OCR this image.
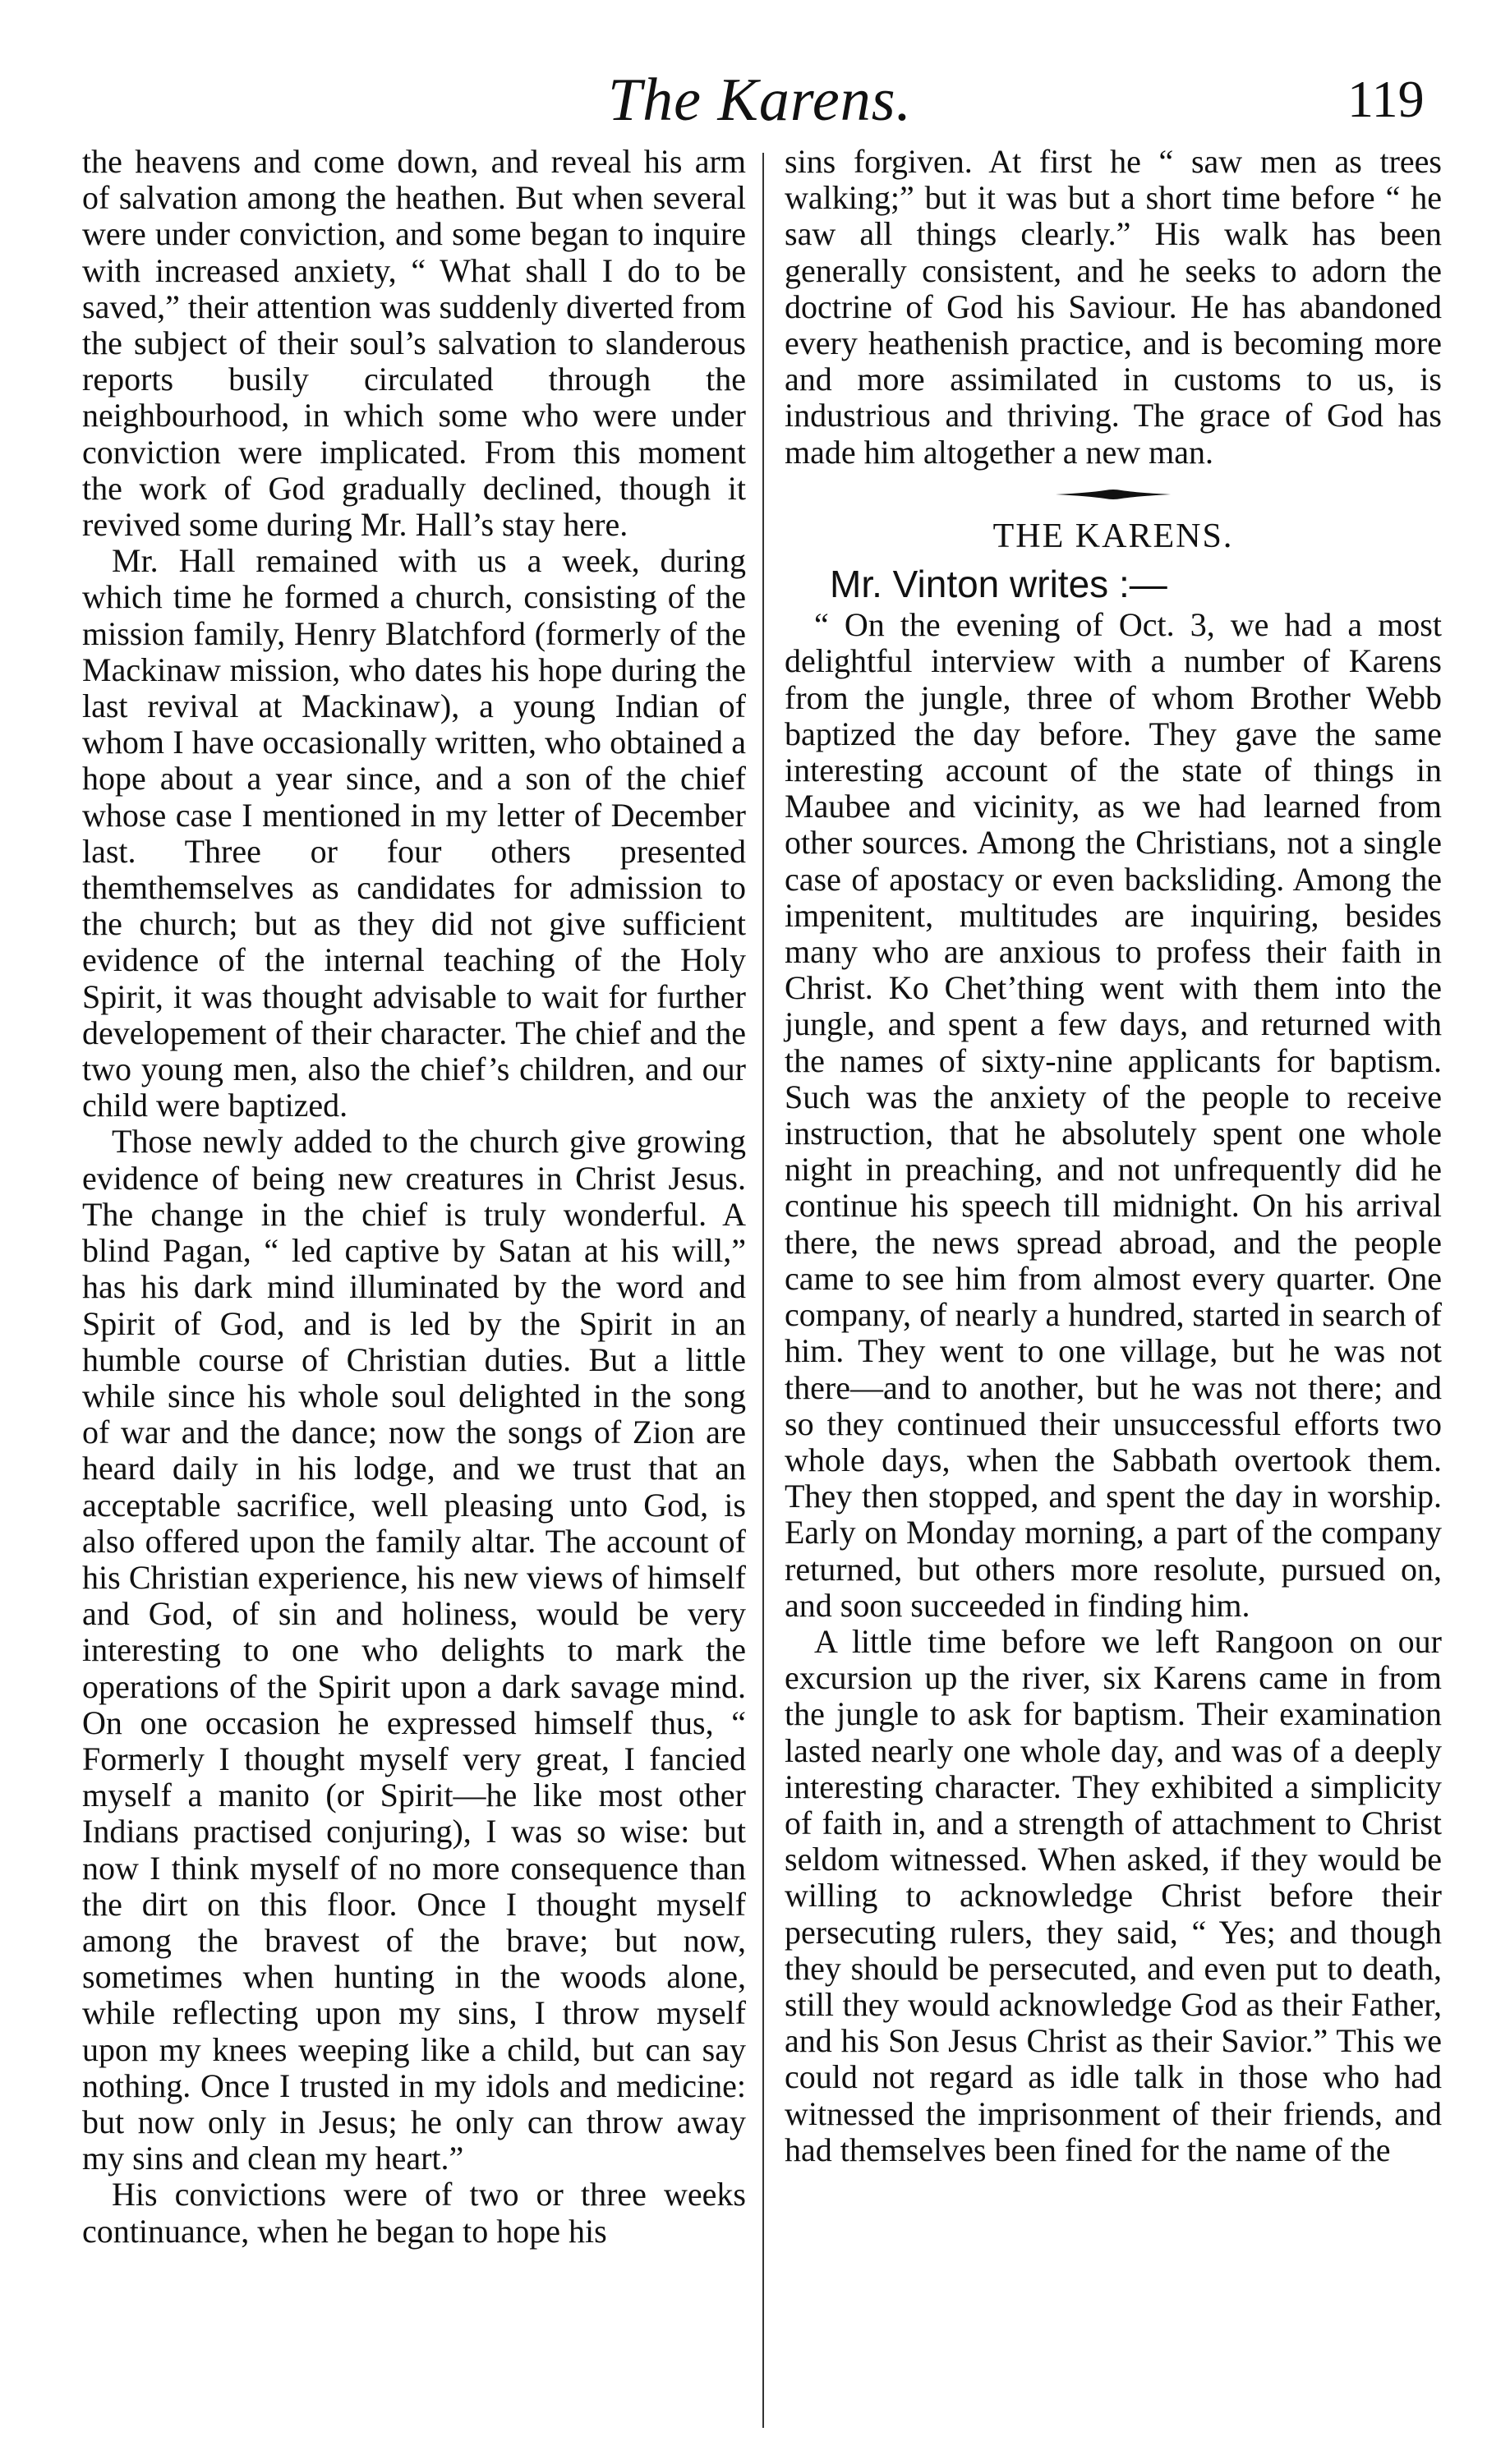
The Karens.	119

the heavens and come down, and reveal his arm of salvation among the heathen. But when several were under conviction, and some began to inquire with increased anxiety, “ What shall I do to be saved,” their attention was suddenly diverted from the subject of their soul’s salvation to slanderous reports busily circulated through the neighbourhood, in which some who were under conviction were implicated. From this moment the work of God gradually declined, though it revived some during Mr. Hall’s stay here.

Mr. Hall remained with us a week, during which time he formed a church, consisting of the mission family, Henry Blatchford (formerly of the Mackinaw mission, who dates his hope during the last revival at Mackinaw), a young Indian of whom I have occasionally written, who obtained a hope about a year since, and a son of the chief whose case I mentioned in my letter of December last. Three or four others presented themthemselves as candidates for admission to the church; but as they did not give sufficient evidence of the internal teaching of the Holy Spirit, it was thought advisable to wait for further developement of their character. The chief and the two young men, also the chief’s children, and our child were baptized.

Those newly added to the church give growing evidence of being new creatures in Christ Jesus. The change in the chief is truly wonderful. A blind Pagan, “ led captive by Satan at his will,” has his dark mind illuminated by the word and Spirit of God, and is led by the Spirit in an humble course of Christian duties. But a little while since his whole soul delighted in the song of war and the dance; now the songs of Zion are heard daily in his lodge, and we trust that an acceptable sacrifice, well pleasing unto God, is also offered upon the family altar. The account of his Christian experience, his new views of himself and God, of sin and holiness, would be very interesting to one who delights to mark the operations of the Spirit upon a dark savage mind. On one occasion he expressed himself thus, “ Formerly I thought myself very great, I fancied myself a manito (or Spirit—he like most other Indians practised conjuring), I was so wise: but now I think myself of no more consequence than the dirt on this floor. Once I thought myself among the bravest of the brave; but now, sometimes when hunting in the woods alone, while reflecting upon my sins, I throw myself upon my knees weeping like a child, but can say nothing. Once I trusted in my idols and medicine: but now only in Jesus; he only can throw away my sins and clean my heart.”

His convictions were of two or three weeks continuance, when he began to hope his

sins forgiven. At first he “ saw men as trees walking;” but it was but a short time before “ he saw all things clearly.” His walk has been generally consistent, and he seeks to adorn the doctrine of God his Saviour. He has abandoned every heathenish practice, and is becoming more and more assimilated in customs to us, is industrious and thriving. The grace of God has made him altogether a new man.

THE KARENS.
Mr. Vinton writes :—

“ On the evening of Oct. 3, we had a most delightful interview with a number of Karens from the jungle, three of whom Brother Webb baptized the day before. They gave the same interesting account of the state of things in Maubee and vicinity, as we had learned from other sources. Among the Christians, not a single case of apostacy or even backsliding. Among the impenitent, multitudes are inquiring, besides many who are anxious to profess their faith in Christ. Ko Chet’thing went with them into the jungle, and spent a few days, and returned with the names of sixty-nine applicants for baptism. Such was the anxiety of the people to receive instruction, that he absolutely spent one whole night in preaching, and not unfrequently did he continue his speech till midnight. On his arrival there, the news spread abroad, and the people came to see him from almost every quarter. One company, of nearly a hundred, started in search of him. They went to one village, but he was not there—and to another, but he was not there; and so they continued their unsuccessful efforts two whole days, when the Sabbath overtook them. They then stopped, and spent the day in worship. Early on Monday morning, a part of the company returned, but others more resolute, pursued on, and soon succeeded in finding him.

A little time before we left Rangoon on our excursion up the river, six Karens came in from the jungle to ask for baptism. Their examination lasted nearly one whole day, and was of a deeply interesting character. They exhibited a simplicity of faith in, and a strength of attachment to Christ seldom witnessed. When asked, if they would be willing to acknowledge Christ before their persecuting rulers, they said, “ Yes; and though they should be persecuted, and even put to death, still they would acknowledge God as their Father, and his Son Jesus Christ as their Savior.” This we could not regard as idle talk in those who had witnessed the imprisonment of their friends, and had themselves been fined for the name of the
